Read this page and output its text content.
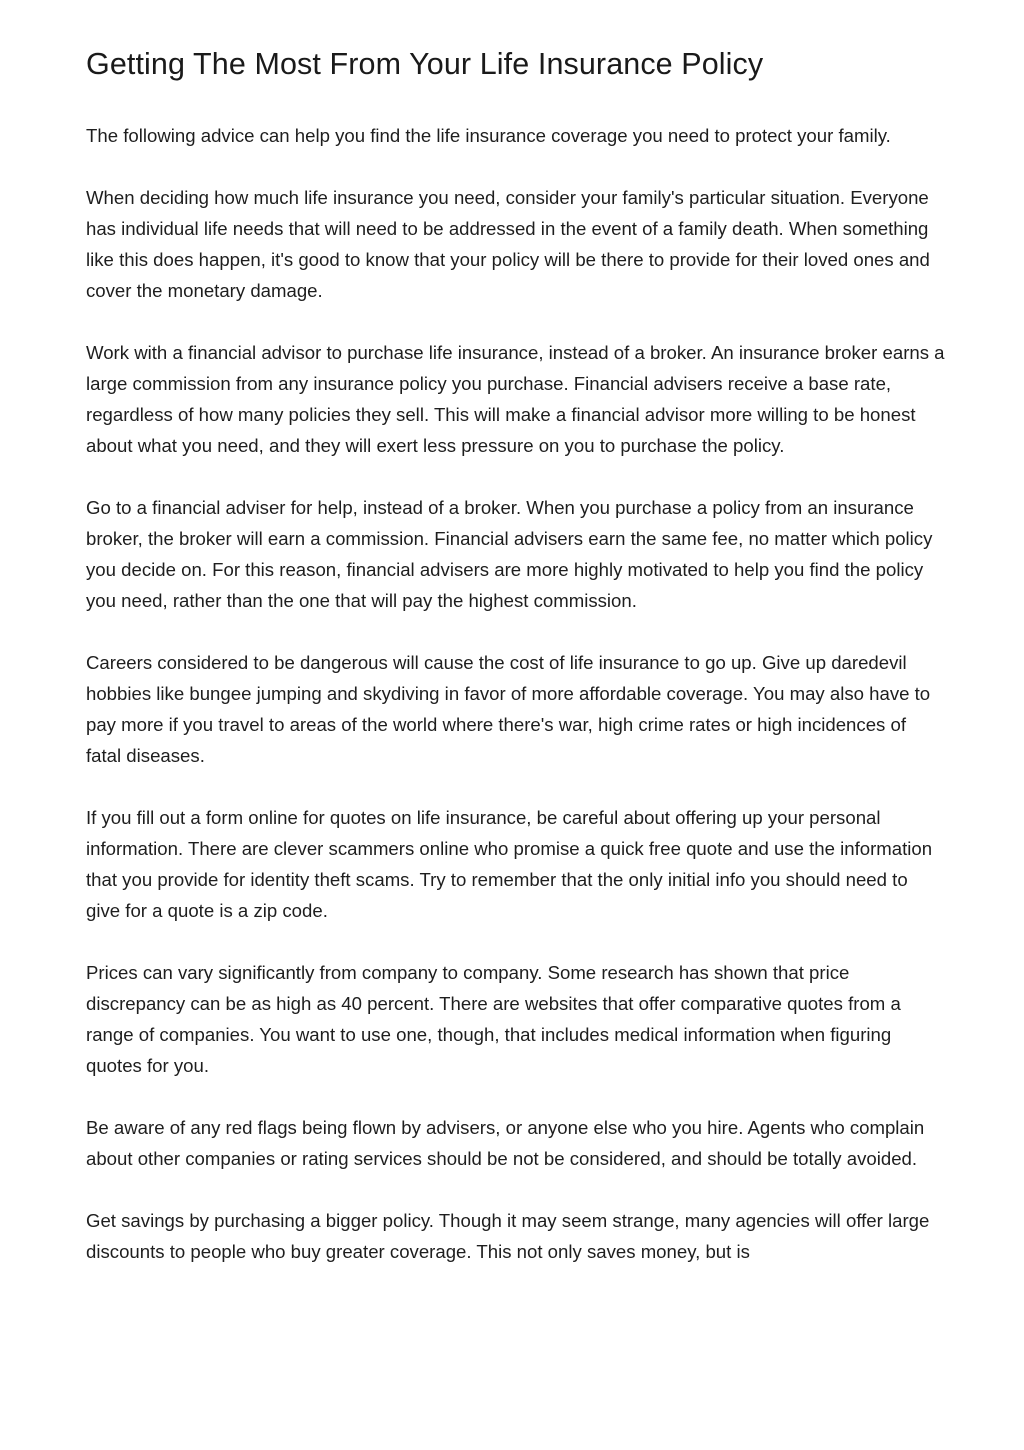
Getting The Most From Your Life Insurance Policy

The following advice can help you find the life insurance coverage you need to protect your family.

When deciding how much life insurance you need, consider your family's particular situation. Everyone has individual life needs that will need to be addressed in the event of a family death. When something like this does happen, it's good to know that your policy will be there to provide for their loved ones and cover the monetary damage.

Work with a financial advisor to purchase life insurance, instead of a broker. An insurance broker earns a large commission from any insurance policy you purchase. Financial advisers receive a base rate, regardless of how many policies they sell. This will make a financial advisor more willing to be honest about what you need, and they will exert less pressure on you to purchase the policy.

Go to a financial adviser for help, instead of a broker. When you purchase a policy from an insurance broker, the broker will earn a commission. Financial advisers earn the same fee, no matter which policy you decide on. For this reason, financial advisers are more highly motivated to help you find the policy you need, rather than the one that will pay the highest commission.

Careers considered to be dangerous will cause the cost of life insurance to go up. Give up daredevil hobbies like bungee jumping and skydiving in favor of more affordable coverage. You may also have to pay more if you travel to areas of the world where there's war, high crime rates or high incidences of fatal diseases.

If you fill out a form online for quotes on life insurance, be careful about offering up your personal information. There are clever scammers online who promise a quick free quote and use the information that you provide for identity theft scams. Try to remember that the only initial info you should need to give for a quote is a zip code.

Prices can vary significantly from company to company. Some research has shown that price discrepancy can be as high as 40 percent. There are websites that offer comparative quotes from a range of companies. You want to use one, though, that includes medical information when figuring quotes for you.

Be aware of any red flags being flown by advisers, or anyone else who you hire. Agents who complain about other companies or rating services should be not be considered, and should be totally avoided.

Get savings by purchasing a bigger policy. Though it may seem strange, many agencies will offer large discounts to people who buy greater coverage. This not only saves money, but is
